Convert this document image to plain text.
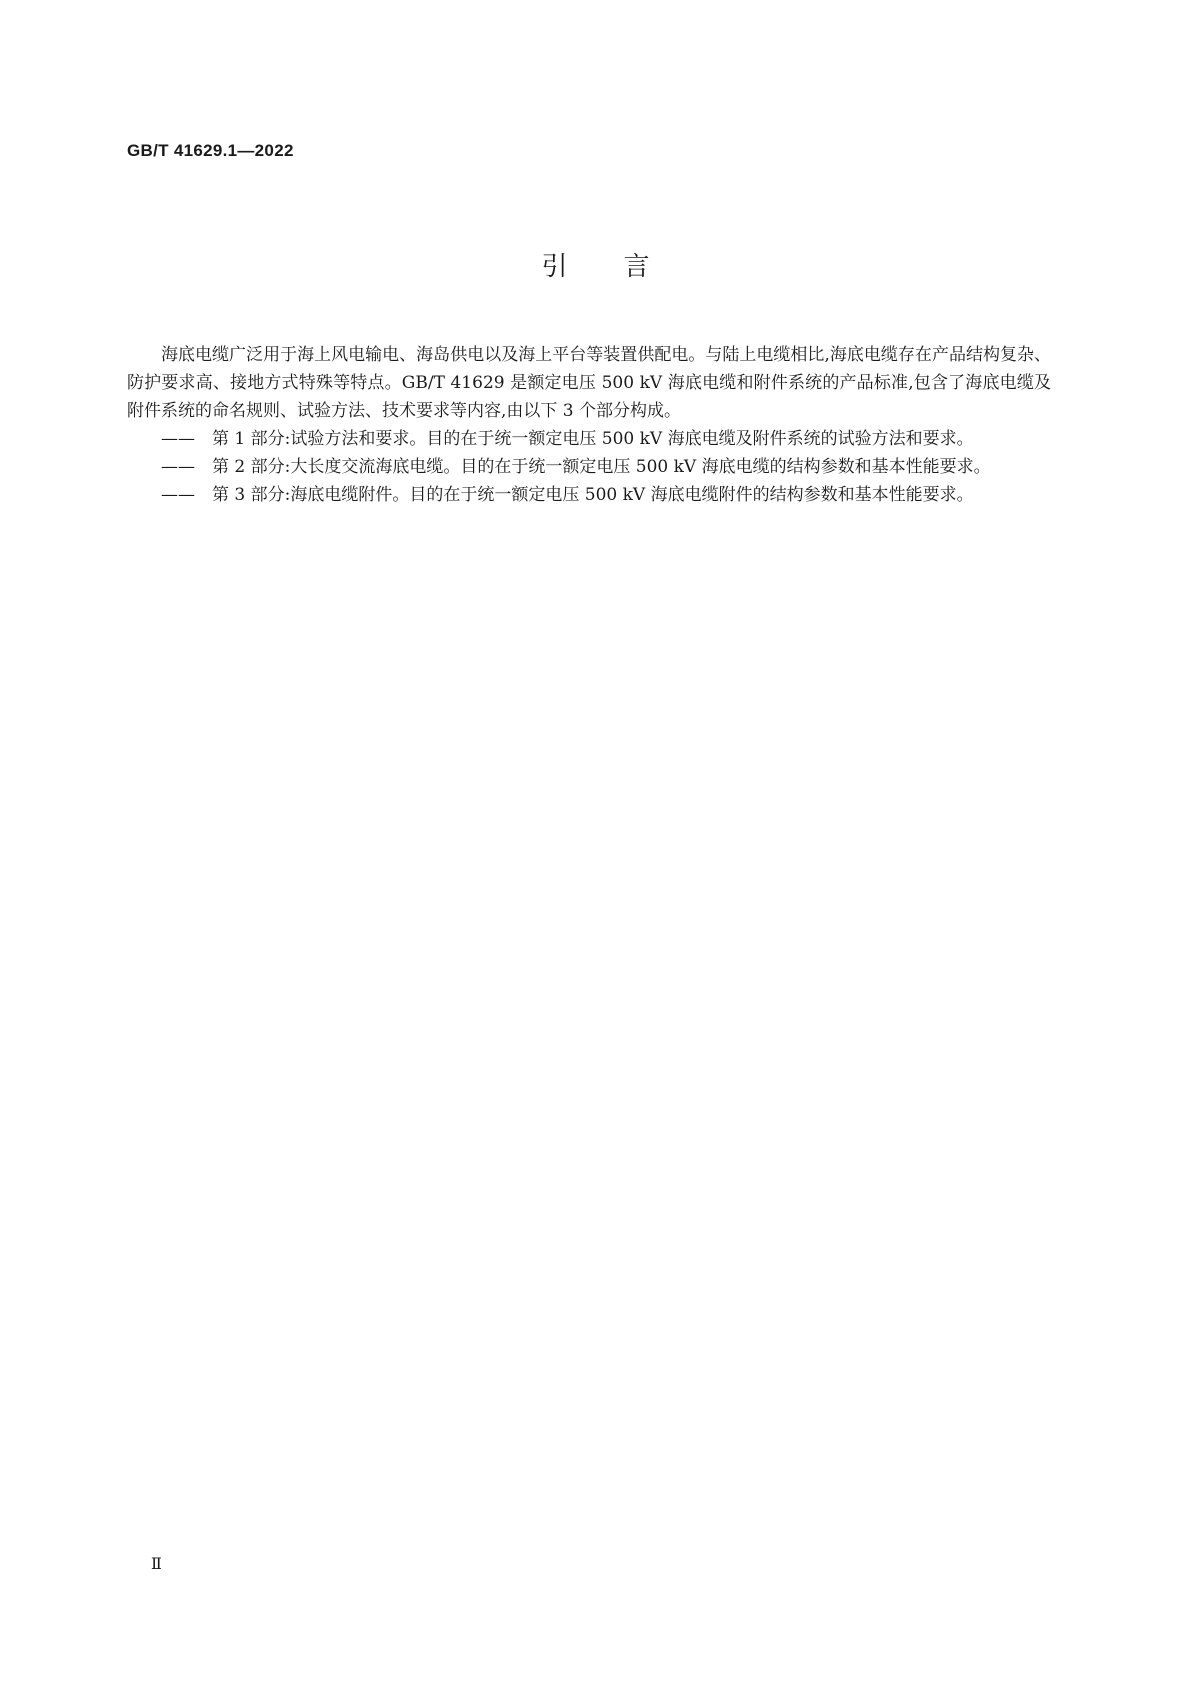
GB/T 41629.1—2022
引言

海底电缆广泛用于海上风电输电、海岛供电以及海上平台等装置供配电。与陆上电缆相比,海底电缆存在产品结构复杂、防护要求高、接地方式特殊等特点。GB/T 41629 是额定电压 500 kV 海底电缆和附件系统的产品标准,包含了海底电缆及附件系统的命名规则、试验方法、技术要求等内容,由以下 3 个部分构成。

——	第 1 部分:试验方法和要求。目的在于统一额定电压 500 kV 海底电缆及附件系统的试验方法和要求。
——	第 2 部分:大长度交流海底电缆。目的在于统一额定电压 500 kV 海底电缆的结构参数和基本性能要求。
——	第 3 部分:海底电缆附件。目的在于统一额定电压 500 kV 海底电缆附件的结构参数和基本性能要求。
Ⅱ
